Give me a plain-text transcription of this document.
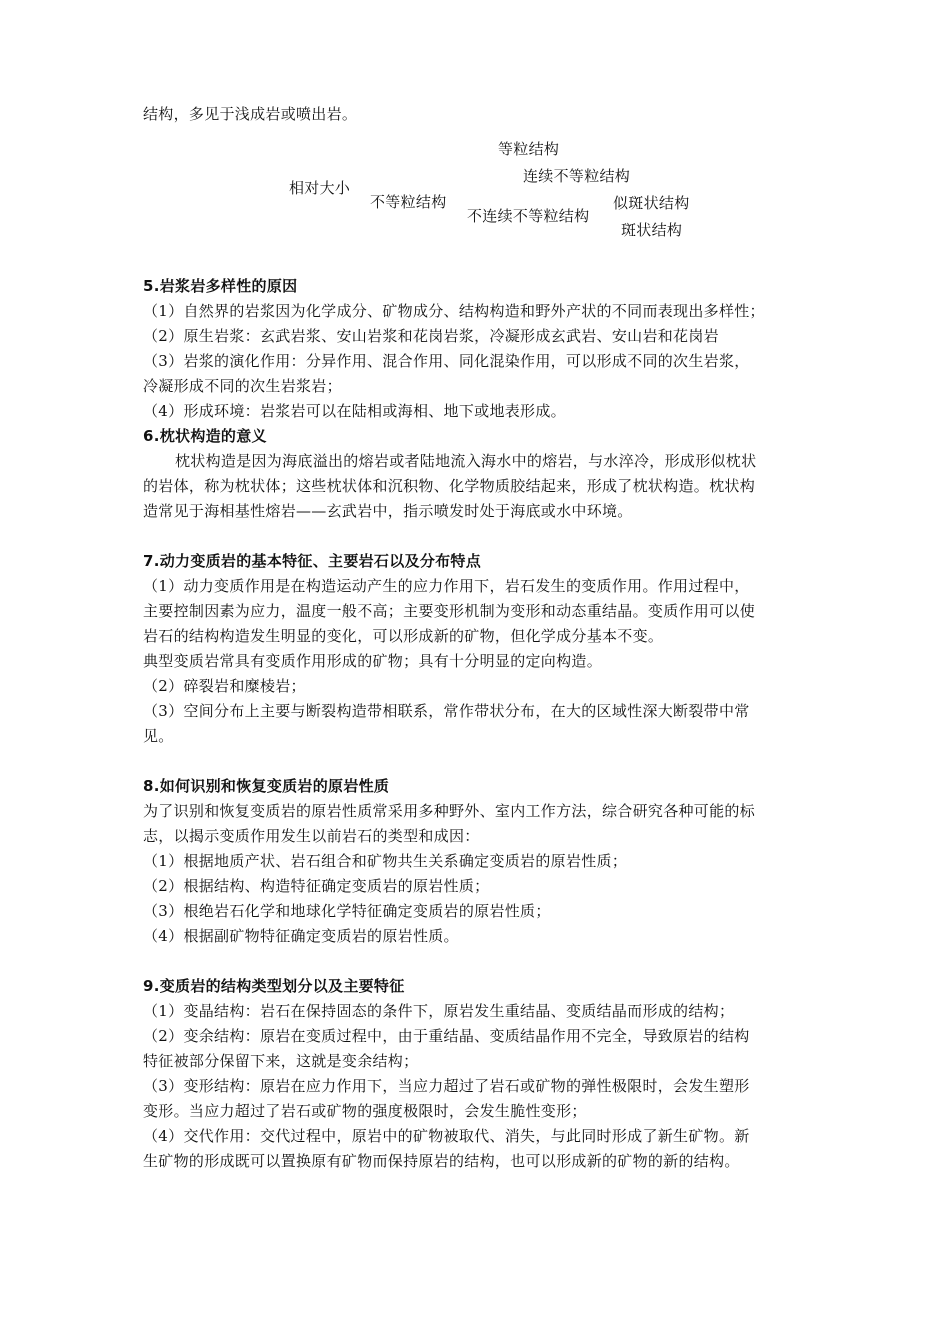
结构，多见于浅成岩或喷出岩。
相对大小
等粒结构
不等粒结构
连续不等粒结构
不连续不等粒结构
似斑状结构
斑状结构
5.岩浆岩多样性的原因
（1）自然界的岩浆因为化学成分、矿物成分、结构构造和野外产状的不同而表现出多样性；
（2）原生岩浆：玄武岩浆、安山岩浆和花岗岩浆，冷凝形成玄武岩、安山岩和花岗岩
（3）岩浆的演化作用：分异作用、混合作用、同化混染作用，可以形成不同的次生岩浆，
冷凝形成不同的次生岩浆岩；
（4）形成环境：岩浆岩可以在陆相或海相、地下或地表形成。
6.枕状构造的意义
枕状构造是因为海底溢出的熔岩或者陆地流入海水中的熔岩，与水淬冷，形成形似枕状
的岩体，称为枕状体；这些枕状体和沉积物、化学物质胶结起来，形成了枕状构造。枕状构
造常见于海相基性熔岩——玄武岩中，指示喷发时处于海底或水中环境。
7.动力变质岩的基本特征、主要岩石以及分布特点
（1）动力变质作用是在构造运动产生的应力作用下，岩石发生的变质作用。作用过程中，
主要控制因素为应力，温度一般不高；主要变形机制为变形和动态重结晶。变质作用可以使
岩石的结构构造发生明显的变化，可以形成新的矿物，但化学成分基本不变。
典型变质岩常具有变质作用形成的矿物；具有十分明显的定向构造。
（2）碎裂岩和糜棱岩；
（3）空间分布上主要与断裂构造带相联系，常作带状分布，在大的区域性深大断裂带中常
见。
8.如何识别和恢复变质岩的原岩性质
为了识别和恢复变质岩的原岩性质常采用多种野外、室内工作方法，综合研究各种可能的标
志，以揭示变质作用发生以前岩石的类型和成因：
（1）根据地质产状、岩石组合和矿物共生关系确定变质岩的原岩性质；
（2）根据结构、构造特征确定变质岩的原岩性质；
（3）根绝岩石化学和地球化学特征确定变质岩的原岩性质；
（4）根据副矿物特征确定变质岩的原岩性质。
9.变质岩的结构类型划分以及主要特征
（1）变晶结构：岩石在保持固态的条件下，原岩发生重结晶、变质结晶而形成的结构；
（2）变余结构：原岩在变质过程中，由于重结晶、变质结晶作用不完全，导致原岩的结构
特征被部分保留下来，这就是变余结构；
（3）变形结构：原岩在应力作用下，当应力超过了岩石或矿物的弹性极限时，会发生塑形
变形。当应力超过了岩石或矿物的强度极限时，会发生脆性变形；
（4）交代作用：交代过程中，原岩中的矿物被取代、消失，与此同时形成了新生矿物。新
生矿物的形成既可以置换原有矿物而保持原岩的结构，也可以形成新的矿物的新的结构。
